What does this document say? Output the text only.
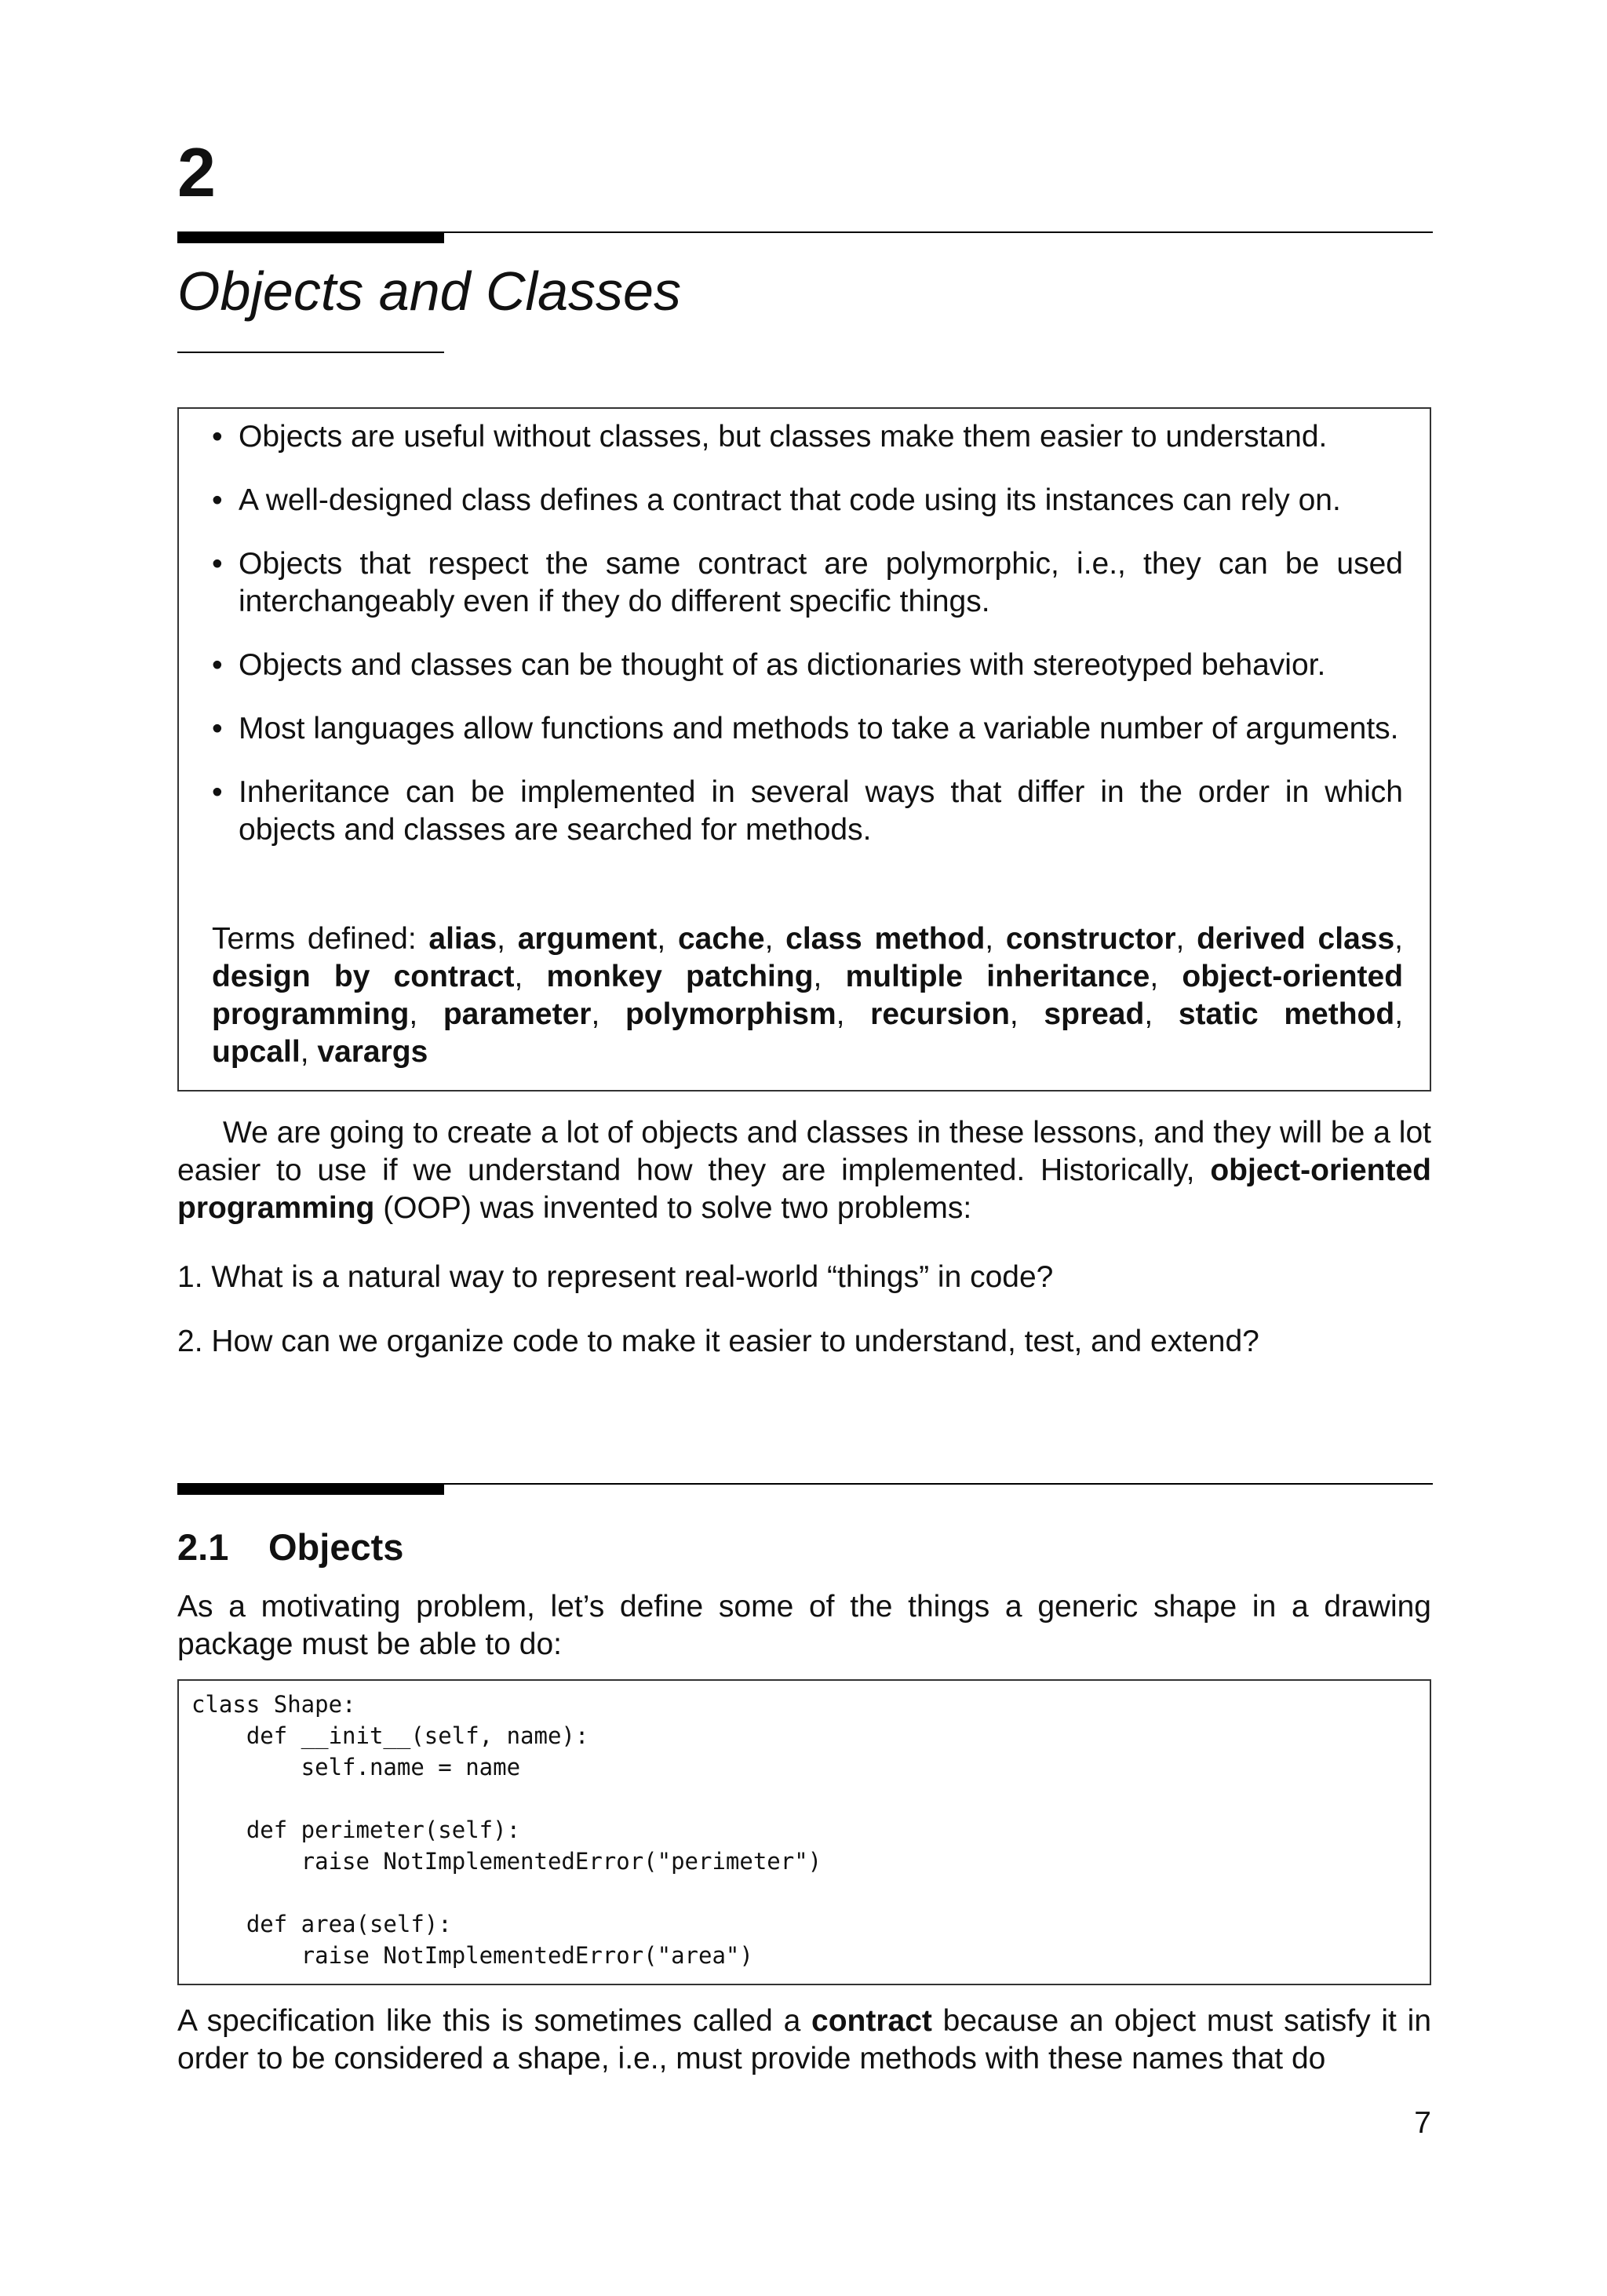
2
Objects and Classes
• Objects are useful without classes, but classes make them easier to understand.
• A well-designed class defines a contract that code using its instances can rely on.
• Objects that respect the same contract are polymorphic, i.e., they can be used interchangeably even if they do different specific things.
• Objects and classes can be thought of as dictionaries with stereotyped behavior.
• Most languages allow functions and methods to take a variable number of arguments.
• Inheritance can be implemented in several ways that differ in the order in which objects and classes are searched for methods.
Terms defined: alias, argument, cache, class method, constructor, derived class, design by contract, monkey patching, multiple inheritance, object-oriented programming, parameter, polymorphism, recursion, spread, static method, upcall, varargs
We are going to create a lot of objects and classes in these lessons, and they will be a lot easier to use if we understand how they are implemented. Historically, object-oriented programming (OOP) was invented to solve two problems:
1. What is a natural way to represent real-world “things” in code?
2. How can we organize code to make it easier to understand, test, and extend?
2.1 Objects
As a motivating problem, let’s define some of the things a generic shape in a drawing package must be able to do:
class Shape:
def __init__(self, name):
self.name = name

def perimeter(self):
raise NotImplementedError("perimeter")

def area(self):
raise NotImplementedError("area")
A specification like this is sometimes called a contract because an object must satisfy it in order to be considered a shape, i.e., must provide methods with these names that do
7
